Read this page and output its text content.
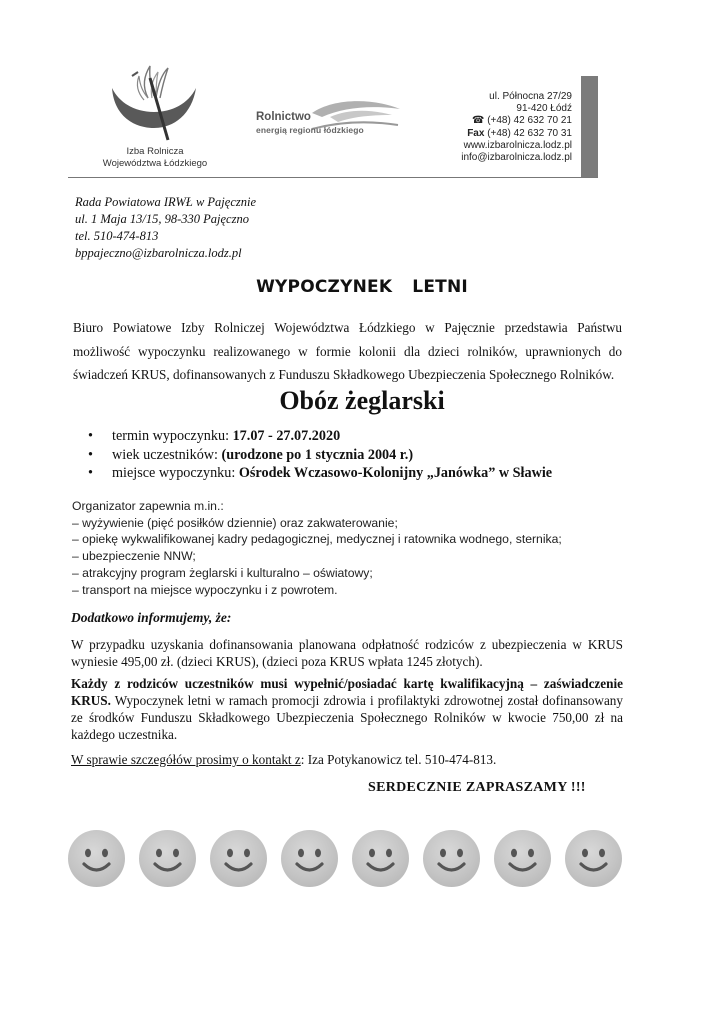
Izba Rolnicza
Województwa Łódzkiego
Rolnictwo
energią regionu łódzkiego
ul. Północna 27/29
91-420 Łódź
☎ (+48) 42 632 70 21
Fax (+48) 42 632 70 31
www.izbarolnicza.lodz.pl
info@izbarolnicza.lodz.pl
Rada Powiatowa IRWŁ w Pajęcznie
ul. 1 Maja 13/15, 98-330 Pajęczno
tel. 510-474-813
bppajeczno@izbarolnicza.lodz.pl
WYPOCZYNEK LETNI
Biuro Powiatowe Izby Rolniczej Województwa Łódzkiego w Pajęcznie przedstawia Państwu możliwość wypoczynku realizowanego w formie kolonii dla dzieci rolników, uprawnionych do świadczeń KRUS, dofinansowanych z Funduszu Składkowego Ubezpieczenia Społecznego Rolników.
Obóz żeglarski
• termin wypoczynku: 17.07 - 27.07.2020
• wiek uczestników: (urodzone po 1 stycznia 2004 r.)
• miejsce wypoczynku: Ośrodek Wczasowo-Kolonijny „Janówka” w Sławie
Organizator zapewnia m.in.:
– wyżywienie (pięć posiłków dziennie) oraz zakwaterowanie;
– opiekę wykwalifikowanej kadry pedagogicznej, medycznej i ratownika wodnego, sternika;
– ubezpieczenie NNW;
– atrakcyjny program żeglarski i kulturalno – oświatowy;
– transport na miejsce wypoczynku i z powrotem.
Dodatkowo informujemy, że:
W przypadku uzyskania dofinansowania planowana odpłatność rodziców z ubezpieczenia w KRUS wyniesie 495,00 zł. (dzieci KRUS), (dzieci poza KRUS wpłata 1245 złotych).
Każdy z rodziców uczestników musi wypełnić/posiadać kartę kwalifikacyjną – zaświadczenie KRUS. Wypoczynek letni w ramach promocji zdrowia i profilaktyki zdrowotnej został dofinansowany ze środków Funduszu Składkowego Ubezpieczenia Społecznego Rolników w kwocie 750,00 zł na każdego uczestnika.
W sprawie szczegółów prosimy o kontakt z: Iza Potykanowicz tel. 510-474-813.
SERDECZNIE ZAPRASZAMY !!!
